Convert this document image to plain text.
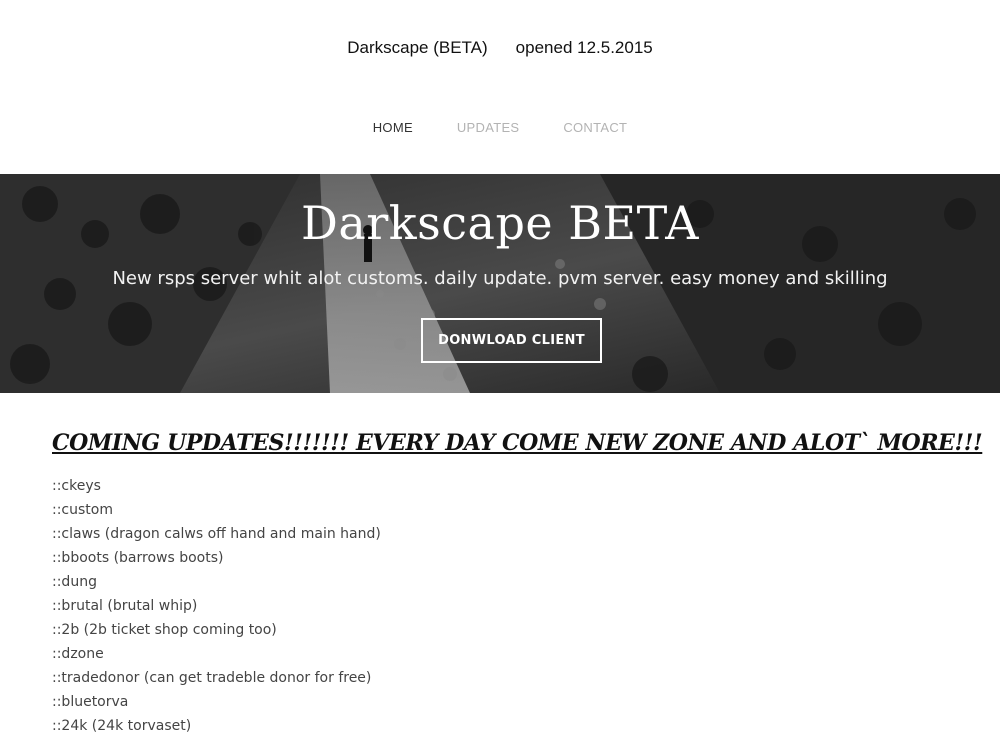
Darkscape (BETA) opened 12.5.2015
HOME	UPDATES	CONTACT
Darkscape BETA
New rsps server whit alot customs. daily update. pvm server. easy money and skilling
DONWLOAD CLIENT
COMING UPDATES!!!!!!! EVERY DAY COME NEW ZONE AND ALOT` MORE!!!
::ckeys
::custom
::claws (dragon calws off hand and main hand)
::bboots (barrows boots)
::dung
::brutal (brutal whip)
::2b (2b ticket shop coming too)
::dzone
::tradedonor (can get tradeble donor for free)
::bluetorva
::24k (24k torvaset)
